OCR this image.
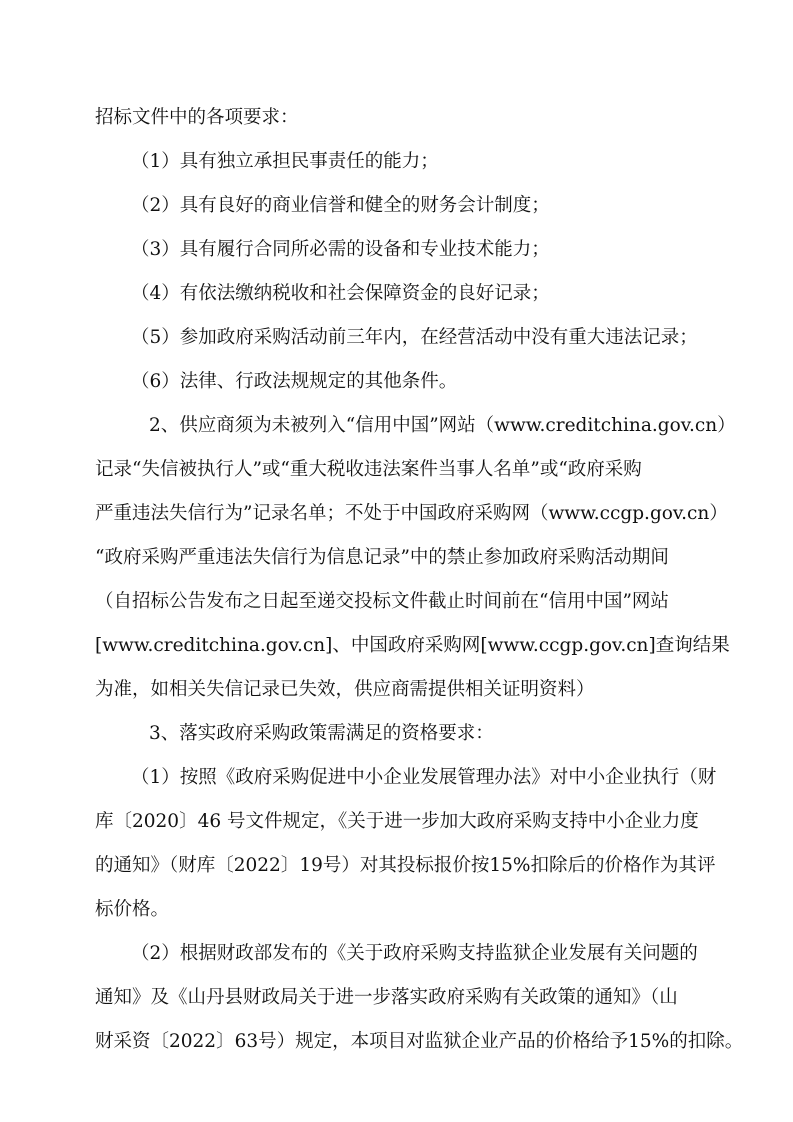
招标文件中的各项要求：
（1）具有独立承担民事责任的能力；
（2）具有良好的商业信誉和健全的财务会计制度；
（3）具有履行合同所必需的设备和专业技术能力；
（4）有依法缴纳税收和社会保障资金的良好记录；
（5）参加政府采购活动前三年内，在经营活动中没有重大违法记录；
（6）法律、行政法规规定的其他条件。
2、供应商须为未被列入“信用中国”网站（www.creditchina.gov.cn）
记录“失信被执行人”或“重大税收违法案件当事人名单”或“政府采购
严重违法失信行为”记录名单；不处于中国政府采购网（www.ccgp.gov.cn）
“政府采购严重违法失信行为信息记录”中的禁止参加政府采购活动期间
（自招标公告发布之日起至递交投标文件截止时间前在“信用中国”网站
[www.creditchina.gov.cn]、中国政府采购网[www.ccgp.gov.cn]查询结果
为准，如相关失信记录已失效，供应商需提供相关证明资料）
3、落实政府采购政策需满足的资格要求：
（1）按照《政府采购促进中小企业发展管理办法》对中小企业执行（财
库〔2020〕46 号文件规定，《关于进一步加大政府采购支持中小企业力度
的通知》（财库〔2022〕19号）对其投标报价按15%扣除后的价格作为其评
标价格。
（2）根据财政部发布的《关于政府采购支持监狱企业发展有关问题的
通知》及《山丹县财政局关于进一步落实政府采购有关政策的通知》（山
财采资〔2022〕63号）规定，本项目对监狱企业产品的价格给予15%的扣除。
